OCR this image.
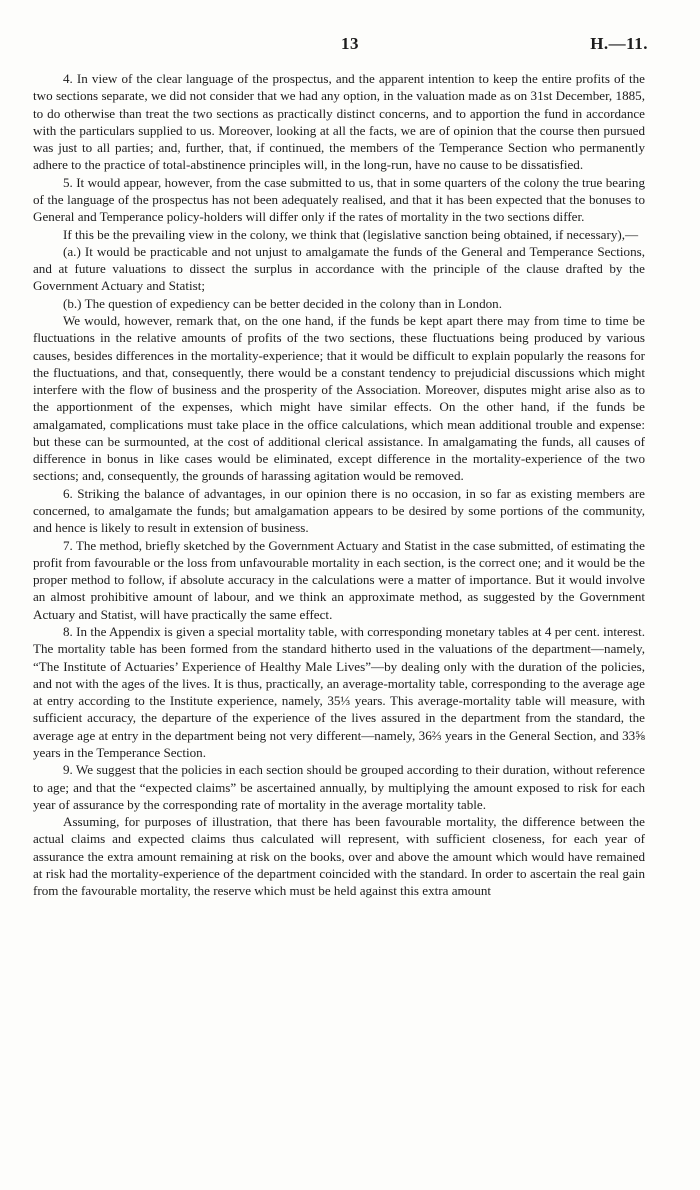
13	H.—11.

4. In view of the clear language of the prospectus, and the apparent intention to keep the entire profits of the two sections separate, we did not consider that we had any option, in the valuation made as on 31st December, 1885, to do otherwise than treat the two sections as practically distinct concerns, and to apportion the fund in accordance with the particulars supplied to us. Moreover, looking at all the facts, we are of opinion that the course then pursued was just to all parties; and, further, that, if continued, the members of the Temperance Section who permanently adhere to the practice of total-abstinence principles will, in the long-run, have no cause to be dissatisfied.

5. It would appear, however, from the case submitted to us, that in some quarters of the colony the true bearing of the language of the prospectus has not been adequately realised, and that it has been expected that the bonuses to General and Temperance policy-holders will differ only if the rates of mortality in the two sections differ.

If this be the prevailing view in the colony, we think that (legislative sanction being obtained, if necessary),—

(a.) It would be practicable and not unjust to amalgamate the funds of the General and Temperance Sections, and at future valuations to dissect the surplus in accordance with the principle of the clause drafted by the Government Actuary and Statist;

(b.) The question of expediency can be better decided in the colony than in London.

We would, however, remark that, on the one hand, if the funds be kept apart there may from time to time be fluctuations in the relative amounts of profits of the two sections, these fluctuations being produced by various causes, besides differences in the mortality-experience; that it would be difficult to explain popularly the reasons for the fluctuations, and that, consequently, there would be a constant tendency to prejudicial discussions which might interfere with the flow of business and the prosperity of the Association. Moreover, disputes might arise also as to the apportionment of the expenses, which might have similar effects. On the other hand, if the funds be amalgamated, complications must take place in the office calculations, which mean additional trouble and expense: but these can be surmounted, at the cost of additional clerical assistance. In amalgamating the funds, all causes of difference in bonus in like cases would be eliminated, except difference in the mortality-experience of the two sections; and, consequently, the grounds of harassing agitation would be removed.

6. Striking the balance of advantages, in our opinion there is no occasion, in so far as existing members are concerned, to amalgamate the funds; but amalgamation appears to be desired by some portions of the community, and hence is likely to result in extension of business.

7. The method, briefly sketched by the Government Actuary and Statist in the case submitted, of estimating the profit from favourable or the loss from unfavourable mortality in each section, is the correct one; and it would be the proper method to follow, if absolute accuracy in the calculations were a matter of importance. But it would involve an almost prohibitive amount of labour, and we think an approximate method, as suggested by the Government Actuary and Statist, will have practically the same effect.

8. In the Appendix is given a special mortality table, with corresponding monetary tables at 4 per cent. interest. The mortality table has been formed from the standard hitherto used in the valuations of the department—namely, “The Institute of Actuaries’ Experience of Healthy Male Lives”—by dealing only with the duration of the policies, and not with the ages of the lives. It is thus, practically, an average-mortality table, corresponding to the average age at entry according to the Institute experience, namely, 35⅓ years. This average-mortality table will measure, with sufficient accuracy, the departure of the experience of the lives assured in the department from the standard, the average age at entry in the department being not very different—namely, 36⅔ years in the General Section, and 33⅝ years in the Temperance Section.

9. We suggest that the policies in each section should be grouped according to their duration, without reference to age; and that the “expected claims” be ascertained annually, by multiplying the amount exposed to risk for each year of assurance by the corresponding rate of mortality in the average mortality table.

Assuming, for purposes of illustration, that there has been favourable mortality, the difference between the actual claims and expected claims thus calculated will represent, with sufficient closeness, for each year of assurance the extra amount remaining at risk on the books, over and above the amount which would have remained at risk had the mortality-experience of the department coincided with the standard. In order to ascertain the real gain from the favourable mortality, the reserve which must be held against this extra amount
